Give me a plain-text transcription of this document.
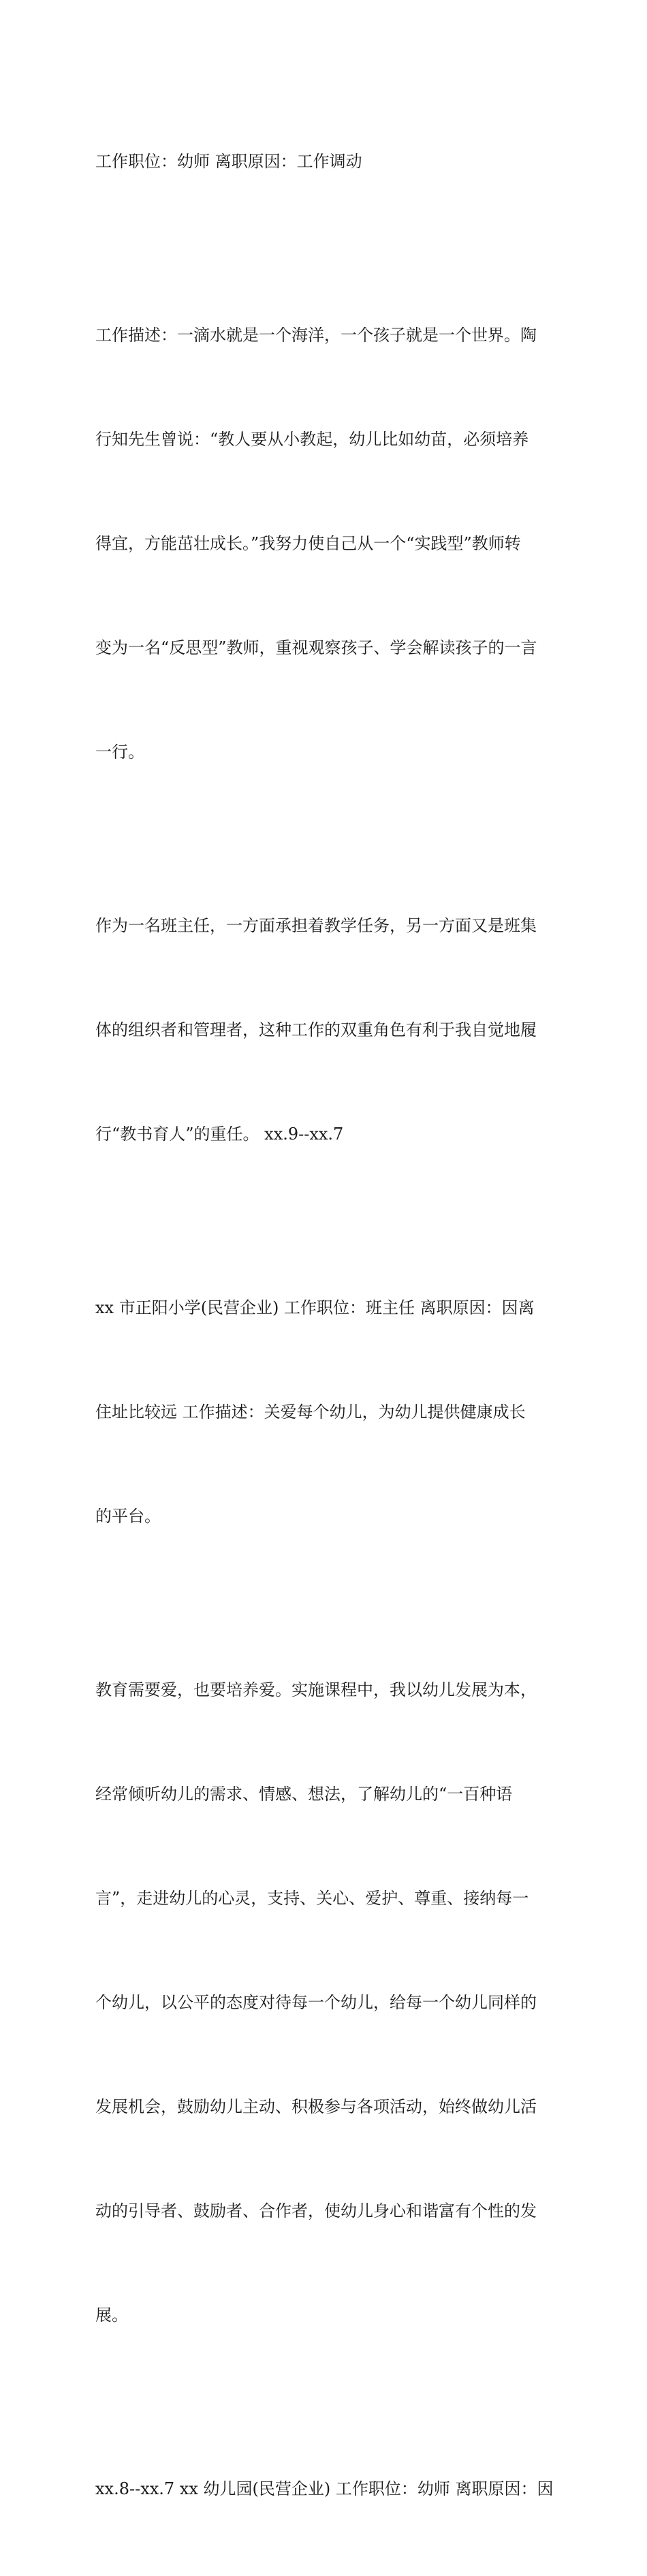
工作职位：幼师 离职原因：工作调动

工作描述：一滴水就是一个海洋，一个孩子就是一个世界。陶

行知先生曾说：“教人要从小教起，幼儿比如幼苗，必须培养

得宜，方能茁壮成长。”我努力使自己从一个“实践型”教师转

变为一名“反思型”教师，重视观察孩子、学会解读孩子的一言

一行。

作为一名班主任，一方面承担着教学任务，另一方面又是班集

体的组织者和管理者，这种工作的双重角色有利于我自觉地履

行“教书育人”的重任。 xx.9--xx.7

xx 市正阳小学(民营企业) 工作职位：班主任 离职原因：因离

住址比较远 工作描述：关爱每个幼儿，为幼儿提供健康成长

的平台。

教育需要爱，也要培养爱。实施课程中，我以幼儿发展为本，

经常倾听幼儿的需求、情感、想法，了解幼儿的“一百种语

言”，走进幼儿的心灵，支持、关心、爱护、尊重、接纳每一

个幼儿，以公平的态度对待每一个幼儿，给每一个幼儿同样的

发展机会，鼓励幼儿主动、积极参与各项活动，始终做幼儿活

动的引导者、鼓励者、合作者，使幼儿身心和谐富有个性的发

展。

xx.8--xx.7 xx 幼儿园(民营企业) 工作职位：幼师 离职原因：因
